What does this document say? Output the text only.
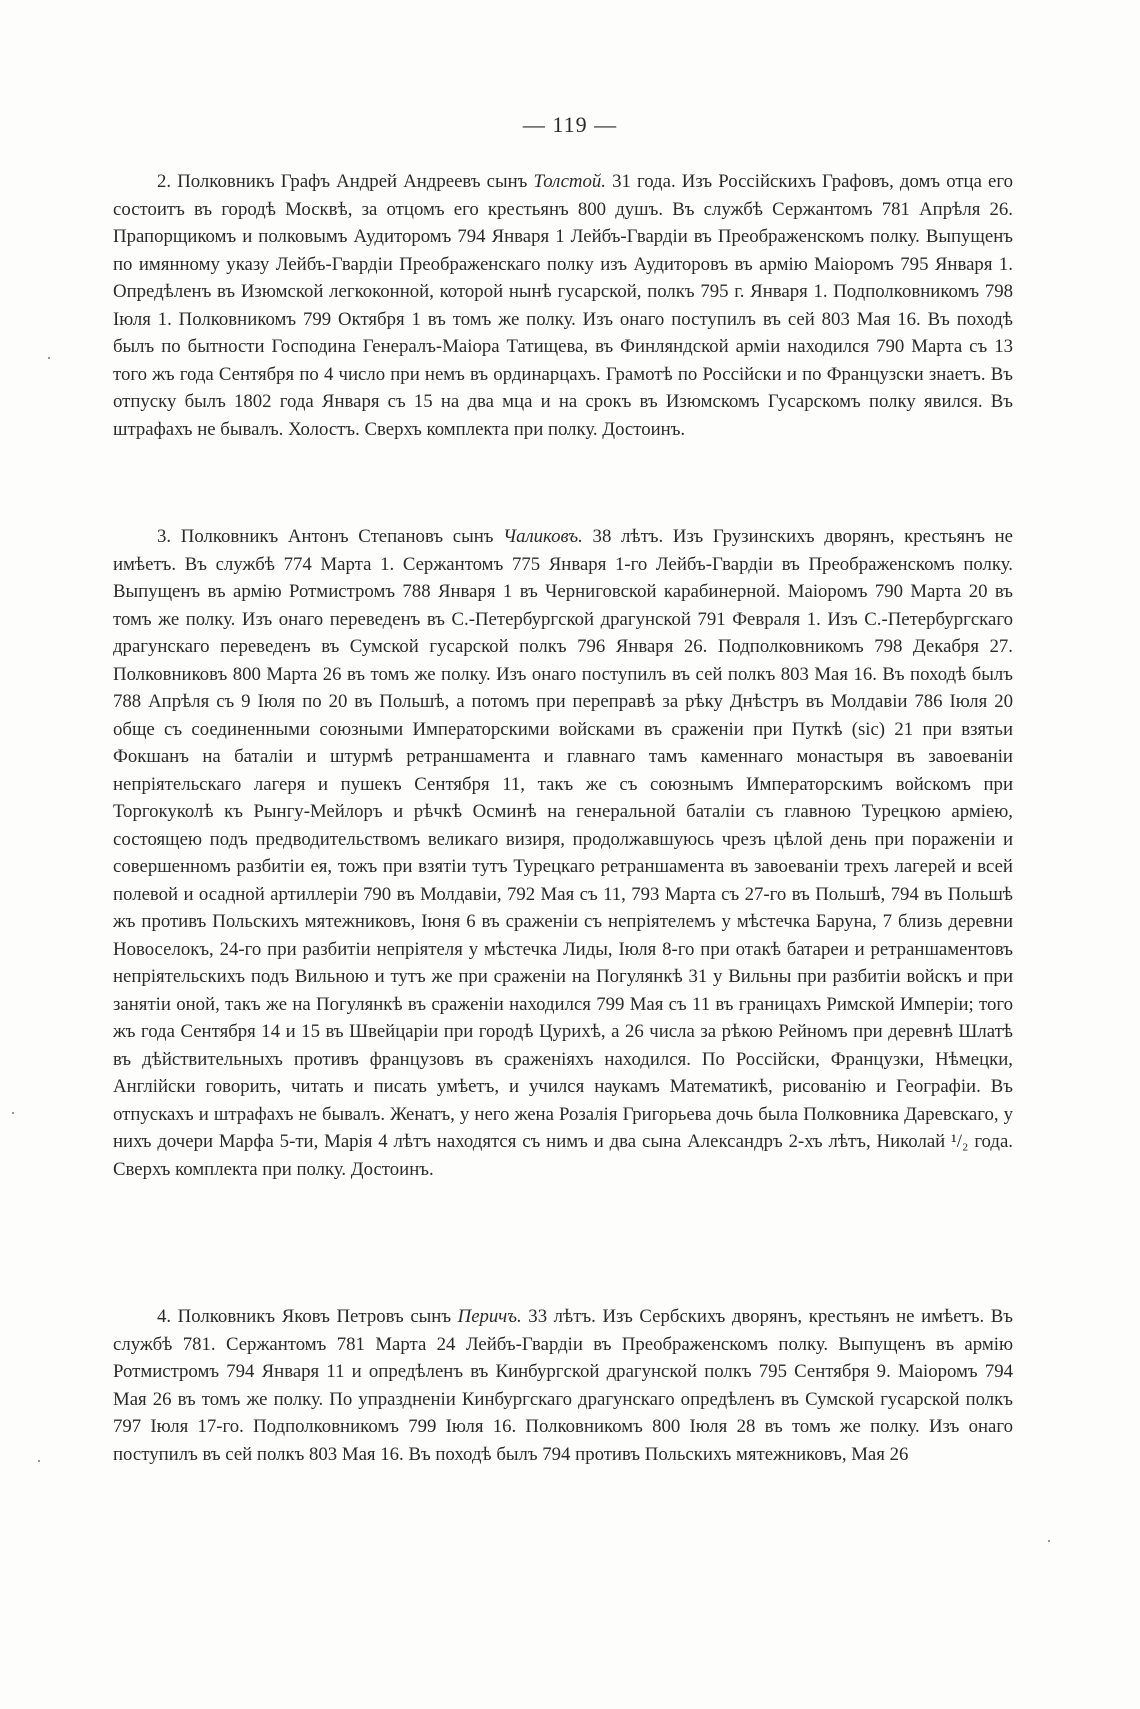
— 119 —

2. Полковникъ Графъ Андрей Андреевъ сынъ Толстой. 31 года. Изъ Россійскихъ Графовъ, домъ отца его состоитъ въ городѣ Москвѣ, за отцомъ его крестьянъ 800 душъ. Въ службѣ Сержантомъ 781 Апрѣля 26. Прапорщикомъ и полковымъ Аудиторомъ 794 Января 1 Лейбъ-Гвардіи въ Преображенскомъ полку. Выпущенъ по имянному указу Лейбъ-Гвардіи Преображенскаго полку изъ Аудиторовъ въ армію Маіоромъ 795 Января 1. Опредѣленъ въ Изюмской легкоконной, которой нынѣ гусарской, полкъ 795 г. Января 1. Подполковникомъ 798 Іюля 1. Полковникомъ 799 Октября 1 въ томъ же полку. Изъ онаго поступилъ въ сей 803 Мая 16. Въ походѣ былъ по бытности Господина Генералъ-Маіора Татищева, въ Финляндской арміи находился 790 Марта съ 13 того жъ года Сентября по 4 число при немъ въ ординарцахъ. Грамотѣ по Россійски и по Французски знаетъ. Въ отпуску былъ 1802 года Января съ 15 на два мца и на срокъ въ Изюмскомъ Гусарскомъ полку явился. Въ штрафахъ не бывалъ. Холостъ. Сверхъ комплекта при полку. Достоинъ.

3. Полковникъ Антонъ Степановъ сынъ Чаликовъ. 38 лѣтъ. Изъ Грузинскихъ дворянъ, крестьянъ не имѣетъ. Въ службѣ 774 Марта 1. Сержантомъ 775 Января 1-го Лейбъ-Гвардіи въ Преображенскомъ полку. Выпущенъ въ армію Ротмистромъ 788 Января 1 въ Черниговской карабинерной. Маіоромъ 790 Марта 20 въ томъ же полку. Изъ онаго переведенъ въ С.-Петербургской драгунской 791 Февраля 1. Изъ С.-Петербургскаго драгунскаго переведенъ въ Сумской гусарской полкъ 796 Января 26. Подполковникомъ 798 Декабря 27. Полковниковъ 800 Марта 26 въ томъ же полку. Изъ онаго поступилъ въ сей полкъ 803 Мая 16. Въ походѣ былъ 788 Апрѣля съ 9 Іюля по 20 въ Польшѣ, а потомъ при переправѣ за рѣку Днѣстръ въ Молдавіи 786 Іюля 20 обще съ соединенными союзными Императорскими войсками въ сраженіи при Путкѣ (sic) 21 при взятьи Фокшанъ на баталіи и штурмѣ ретраншамента и главнаго тамъ каменнаго монастыря въ завоеваніи непріятельскаго лагеря и пушекъ Сентября 11, такъ же съ союзнымъ Императорскимъ войскомъ при Торгокуколѣ къ Рынгу-Мейлоръ и рѣчкѣ Осминѣ на генеральной баталіи съ главною Турецкою арміею, состоящею подъ предводительствомъ великаго визиря, продолжавшуюсь чрезъ цѣлой день при пораженіи и совершенномъ разбитіи ея, тожъ при взятіи тутъ Турецкаго ретраншамента въ завоеваніи трехъ лагерей и всей полевой и осадной артиллеріи 790 въ Молдавіи, 792 Мая съ 11, 793 Марта съ 27-го въ Польшѣ, 794 въ Польшѣ жъ противъ Польскихъ мятежниковъ, Іюня 6 въ сраженіи съ непріятелемъ у мѣстечка Баруна, 7 близь деревни Новоселокъ, 24-го при разбитіи непріятеля у мѣстечка Лиды, Іюля 8-го при отакѣ батареи и ретраншаментовъ непріятельскихъ подъ Вильною и тутъ же при сраженіи на Погулянкѣ 31 у Вильны при разбитіи войскъ и при занятіи оной, такъ же на Погулянкѣ въ сраженіи находился 799 Мая съ 11 въ границахъ Римской Имперіи; того жъ года Сентября 14 и 15 въ Швейцаріи при городѣ Цурихѣ, а 26 числа за рѣкою Рейномъ при деревнѣ Шлатѣ въ дѣйствительныхъ противъ французовъ въ сраженіяхъ находился. По Россійски, Французки, Нѣмецки, Англійски говорить, читать и писать умѣетъ, и учился наукамъ Математикѣ, рисованію и Географіи. Въ отпускахъ и штрафахъ не бывалъ. Женатъ, у него жена Розалія Григорьева дочь была Полковника Даревскаго, у нихъ дочери Марфа 5-ти, Марія 4 лѣтъ находятся съ нимъ и два сына Александръ 2-хъ лѣтъ, Николай ¹/₂ года. Сверхъ комплекта при полку. Достоинъ.

4. Полковникъ Яковъ Петровъ сынъ Перичъ. 33 лѣтъ. Изъ Сербскихъ дворянъ, крестьянъ не имѣетъ. Въ службѣ 781. Сержантомъ 781 Марта 24 Лейбъ-Гвардіи въ Преображенскомъ полку. Выпущенъ въ армію Ротмистромъ 794 Января 11 и опредѣленъ въ Кинбургской драгунской полкъ 795 Сентября 9. Маіоромъ 794 Мая 26 въ томъ же полку. По упраздненіи Кинбургскаго драгунскаго опредѣленъ въ Сумской гусарской полкъ 797 Іюля 17-го. Подполковникомъ 799 Іюля 16. Полковникомъ 800 Іюля 28 въ томъ же полку. Изъ онаго поступилъ въ сей полкъ 803 Мая 16. Въ походѣ былъ 794 противъ Польскихъ мятежниковъ, Мая 26
